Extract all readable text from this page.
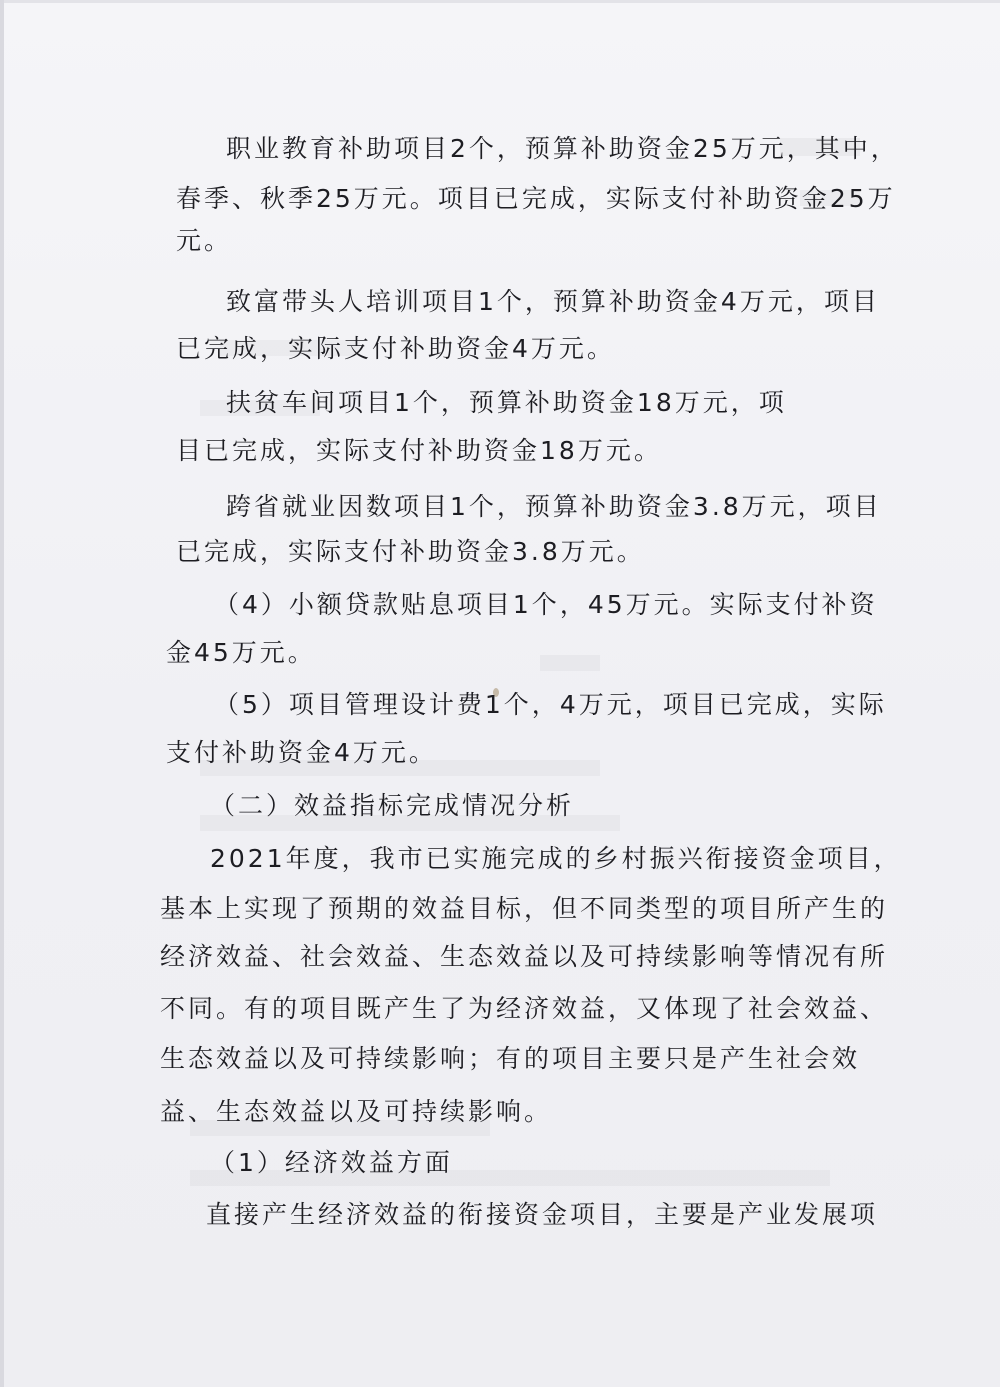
职业教育补助项目2个，预算补助资金25万元，其中，
春季、秋季25万元。项目已完成，实际支付补助资金25万
元。
致富带头人培训项目1个，预算补助资金4万元，项目
已完成，实际支付补助资金4万元。
扶贫车间项目1个，预算补助资金18万元，项
目已完成，实际支付补助资金18万元。
跨省就业因数项目1个，预算补助资金3.8万元，项目
已完成，实际支付补助资金3.8万元。
（4）小额贷款贴息项目1个，45万元。实际支付补资
金45万元。
（5）项目管理设计费1个，4万元，项目已完成，实际
支付补助资金4万元。
（二）效益指标完成情况分析
2021年度，我市已实施完成的乡村振兴衔接资金项目，
基本上实现了预期的效益目标，但不同类型的项目所产生的
经济效益、社会效益、生态效益以及可持续影响等情况有所
不同。有的项目既产生了为经济效益，又体现了社会效益、
生态效益以及可持续影响；有的项目主要只是产生社会效
益、生态效益以及可持续影响。
（1）经济效益方面
直接产生经济效益的衔接资金项目，主要是产业发展项
